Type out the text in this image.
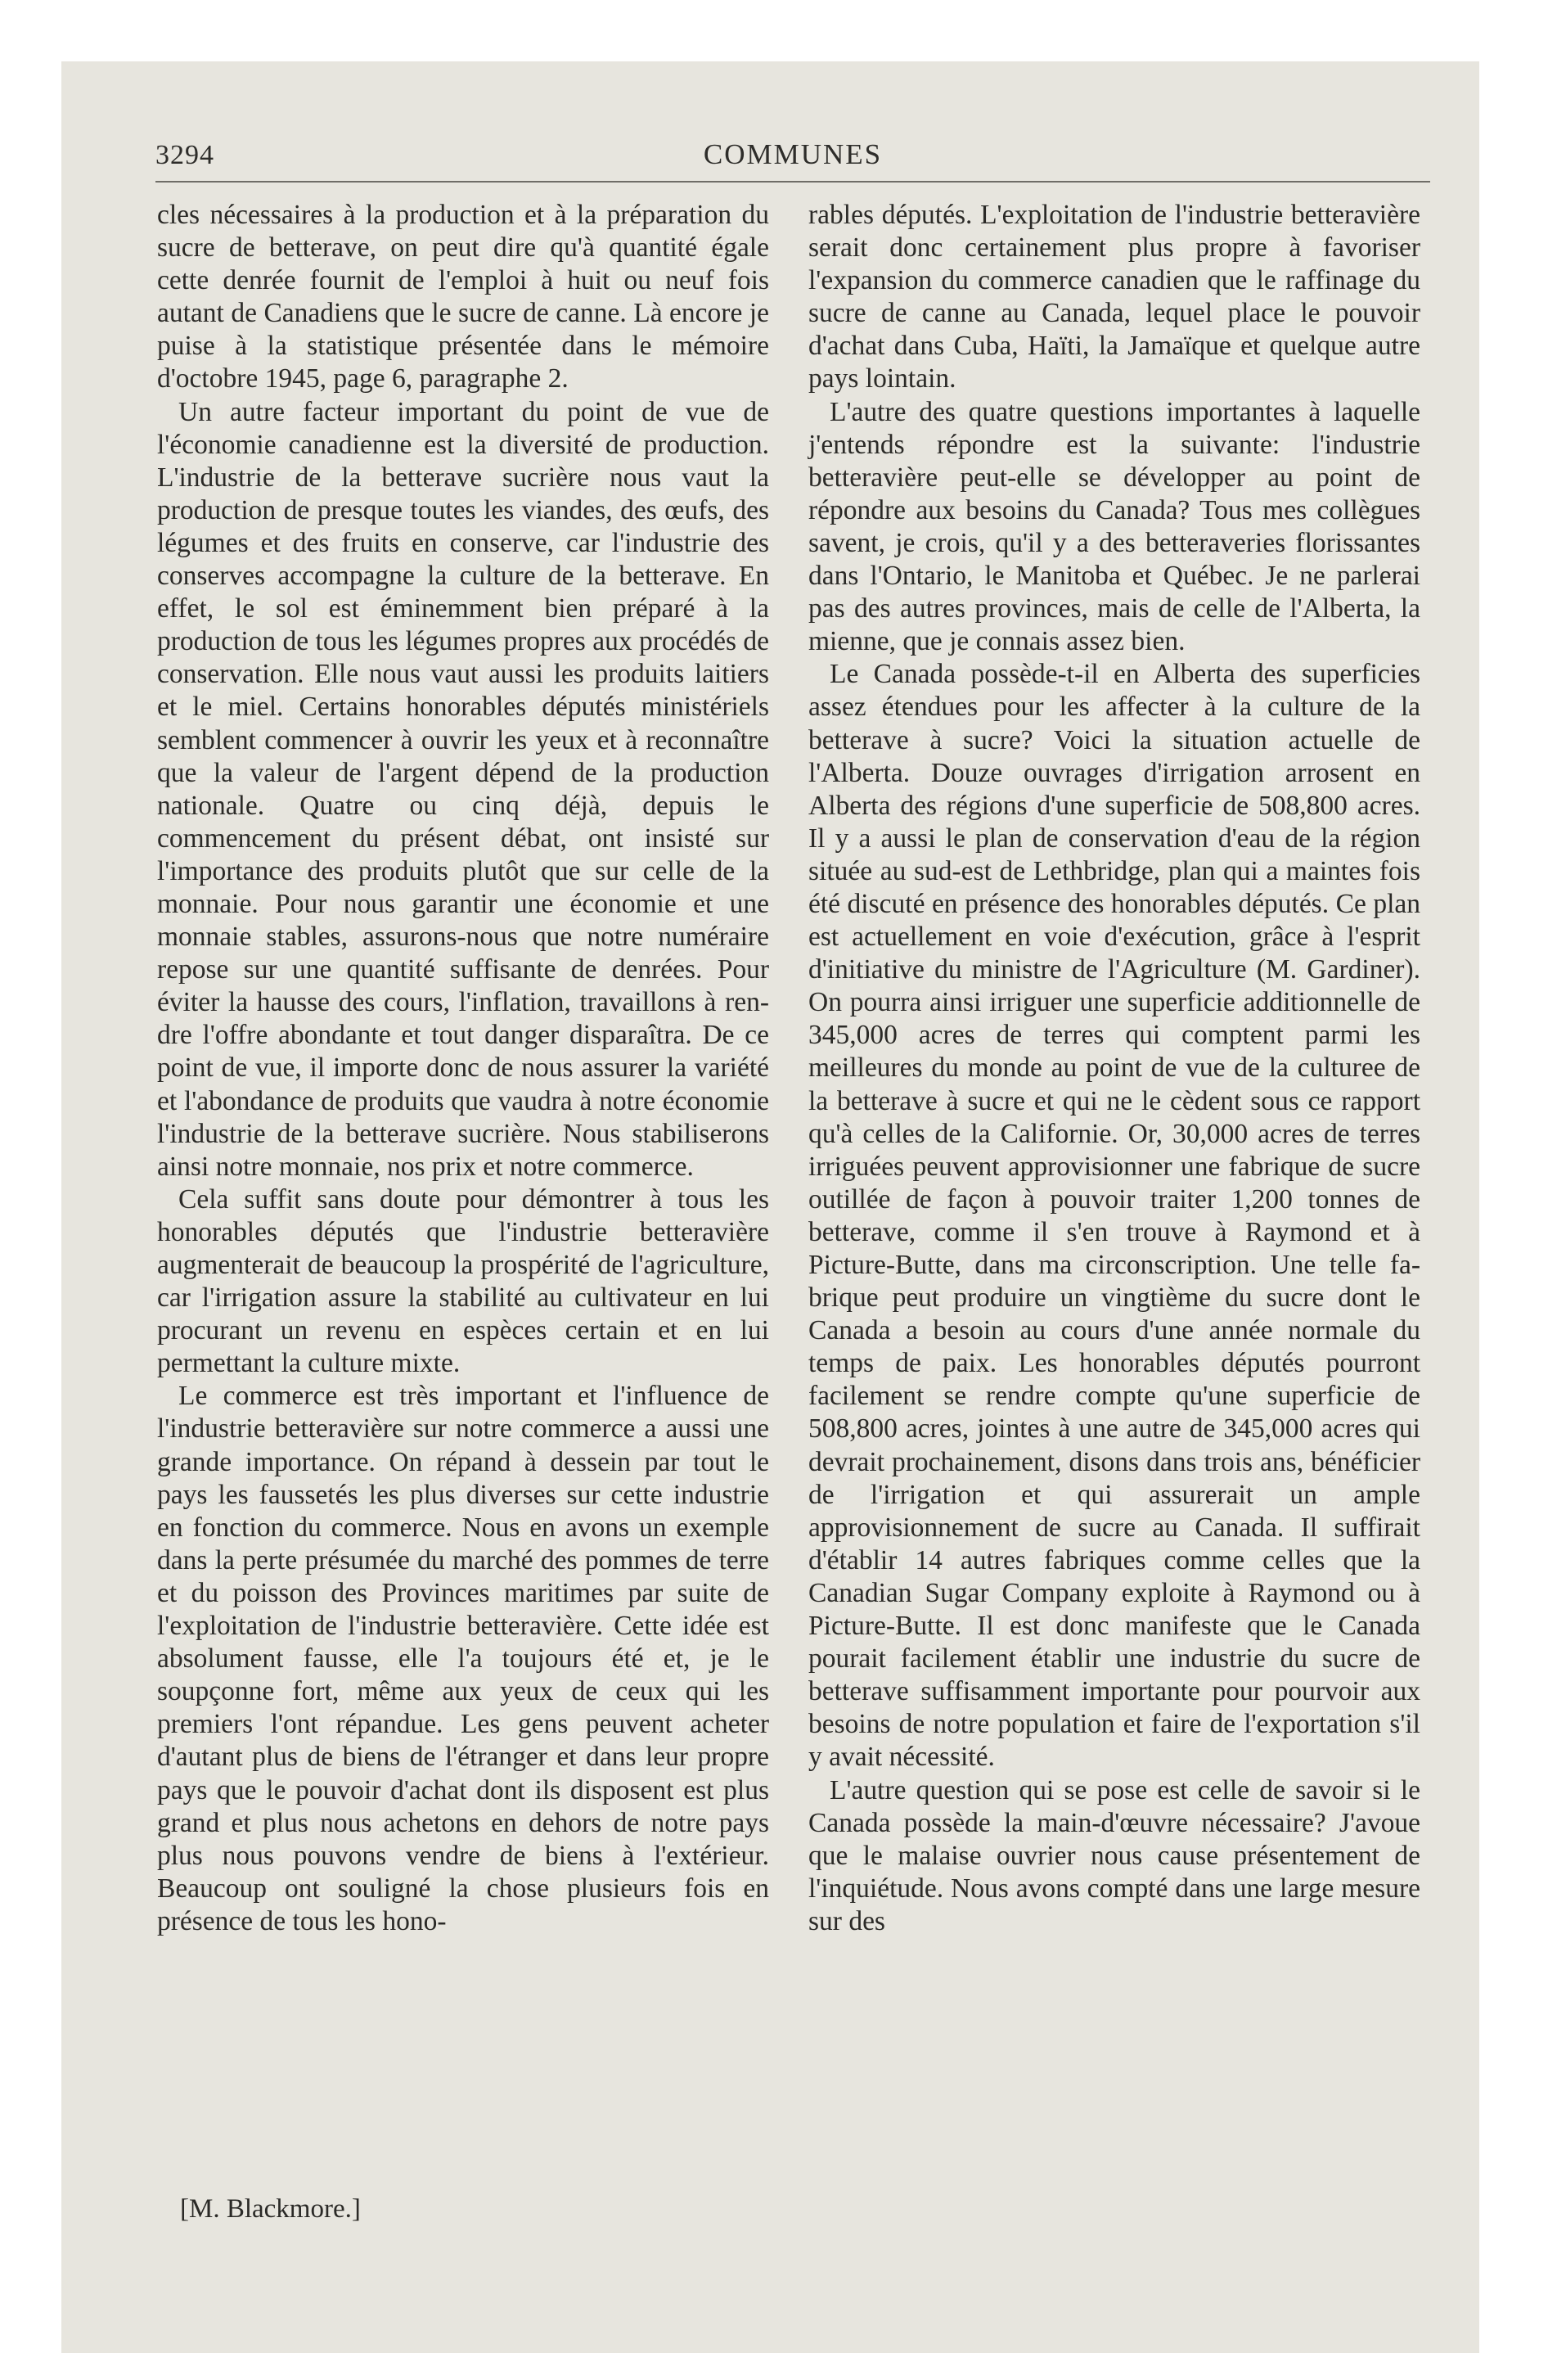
3294	COMMUNES

cles nécessaires à la production et à la préparation du sucre de betterave, on peut dire qu'à quantité égale cette denrée fournit de l'emploi à huit ou neuf fois autant de Canadiens que le sucre de canne. Là encore je puise à la statistique présentée dans le mémoire d'octobre 1945, page 6, paragraphe 2.

Un autre facteur important du point de vue de l'économie canadienne est la diversité de production. L'industrie de la betterave sucrière nous vaut la production de presque toutes les viandes, des œufs, des légumes et des fruits en conserve, car l'industrie des conserves accompagne la culture de la betterave. En effet, le sol est éminemment bien préparé à la production de tous les légumes propres aux procédés de conservation. Elle nous vaut aussi les produits laitiers et le miel. Certains honorables députés ministériels semblent commencer à ouvrir les yeux et à reconnaître que la valeur de l'argent dépend de la production nationale. Quatre ou cinq déjà, depuis le commencement du présent débat, ont insisté sur l'importance des produits plutôt que sur celle de la monnaie. Pour nous garantir une économie et une monnaie stables, assurons-nous que notre numéraire repose sur une quantité suffisante de denrées. Pour éviter la hausse des cours, l'inflation, travaillons à rendre l'offre abondante et tout danger disparaîtra. De ce point de vue, il importe donc de nous assurer la variété et l'abondance de produits que vaudra à notre économie l'industrie de la betterave sucrière. Nous stabiliserons ainsi notre monnaie, nos prix et notre commerce.

Cela suffit sans doute pour démontrer à tous les honorables députés que l'industrie betteravière augmenterait de beaucoup la prospérité de l'agriculture, car l'irrigation assure la stabilité au cultivateur en lui procurant un revenu en espèces certain et en lui permettant la culture mixte.

Le commerce est très important et l'influence de l'industrie betteravière sur notre commerce a aussi une grande importance. On répand à dessein par tout le pays les faussetés les plus diverses sur cette industrie en fonction du commerce. Nous en avons un exemple dans la perte présumée du marché des pommes de terre et du poisson des Provinces maritimes par suite de l'exploitation de l'industrie betteravière. Cette idée est absolument fausse, elle l'a toujours été et, je le soupçonne fort, même aux yeux de ceux qui les premiers l'ont répandue. Les gens peuvent acheter d'autant plus de biens de l'étranger et dans leur propre pays que le pouvoir d'achat dont ils disposent est plus grand et plus nous achetons en dehors de notre pays plus nous pouvons vendre de biens à l'extérieur. Beaucoup ont souligné la chose plusieurs fois en présence de tous les hono-

[M. Blackmore.]

rables députés. L'exploitation de l'industrie betteravière serait donc certainement plus propre à favoriser l'expansion du commerce canadien que le raffinage du sucre de canne au Canada, lequel place le pouvoir d'achat dans Cuba, Haïti, la Jamaïque et quelque autre pays lointain.

L'autre des quatre questions importantes à laquelle j'entends répondre est la suivante: l'industrie betteravière peut-elle se développer au point de répondre aux besoins du Canada? Tous mes collègues savent, je crois, qu'il y a des betteraveries florissantes dans l'Ontario, le Manitoba et Québec. Je ne parlerai pas des autres provinces, mais de celle de l'Alberta, la mienne, que je connais assez bien.

Le Canada possède-t-il en Alberta des superficies assez étendues pour les affecter à la culture de la betterave à sucre? Voici la situation actuelle de l'Alberta. Douze ouvrages d'irrigation arrosent en Alberta des régions d'une superficie de 508,800 acres. Il y a aussi le plan de conservation d'eau de la région située au sud-est de Lethbridge, plan qui a maintes fois été discuté en présence des honorables députés. Ce plan est actuellement en voie d'exécution, grâce à l'esprit d'initiative du ministre de l'Agriculture (M. Gardiner). On pourra ainsi irriguer une superficie additionnelle de 345,000 acres de terres qui comptent parmi les meilleures du monde au point de vue de la culturee de la betterave à sucre et qui ne le cèdent sous ce rapport qu'à celles de la Californie. Or, 30,000 acres de terres irriguées peuvent approvisionner une fabrique de sucre outillée de façon à pouvoir traiter 1,200 tonnes de betterave, comme il s'en trouve à Raymond et à Picture-Butte, dans ma circonscription. Une telle fabrique peut produire un vingtième du sucre dont le Canada a besoin au cours d'une année normale du temps de paix. Les honorables députés pourront facilement se rendre compte qu'une superficie de 508,800 acres, jointes à une autre de 345,000 acres qui devrait prochainement, disons dans trois ans, bénéficier de l'irrigation et qui assurerait un ample approvisionnement de sucre au Canada. Il suffirait d'établir 14 autres fabriques comme celles que la Canadian Sugar Company exploite à Raymond ou à Picture-Butte. Il est donc manifeste que le Canada pourait facilement établir une industrie du sucre de betterave suffisamment importante pour pourvoir aux besoins de notre population et faire de l'exportation s'il y avait nécessité.

L'autre question qui se pose est celle de savoir si le Canada possède la main-d'œuvre nécessaire? J'avoue que le malaise ouvrier nous cause présentement de l'inquiétude. Nous avons compté dans une large mesure sur des
